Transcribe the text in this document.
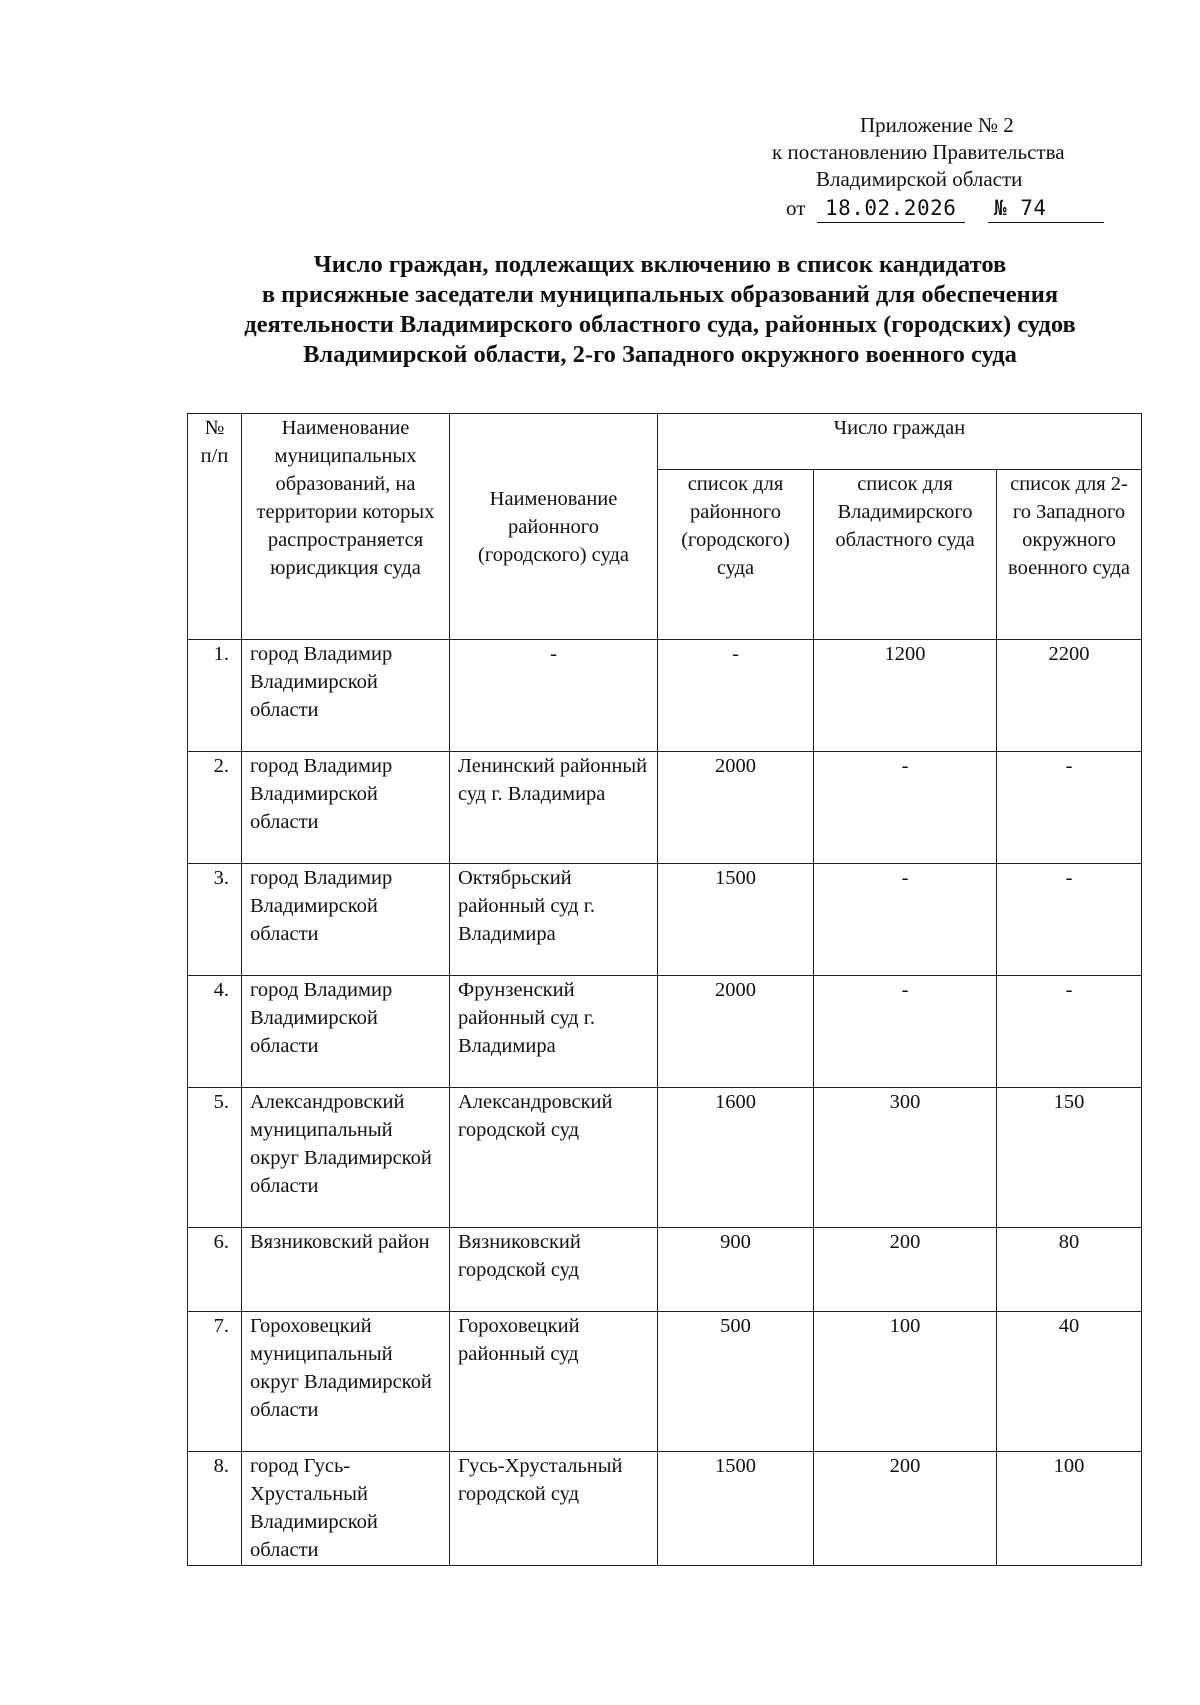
Приложение № 2
к постановлению Правительства
Владимирской области
от 18.02.2026 № 74
Число граждан, подлежащих включению в список кандидатов
в присяжные заседатели муниципальных образований для обеспечения
деятельности Владимирского областного суда, районных (городских) судов
Владимирской области, 2-го Западного окружного военного суда
№ п/п	Наименование муниципальных образований, на территории которых распространяется юрисдикция суда	Наименование районного (городского) суда	Число граждан		
			список для районного (городского) суда	список для Владимирского областного суда	список для 2-го Западного окружного военного суда
1.	город Владимир Владимирской области	-	-	1200	2200
2.	город Владимир Владимирской области	Ленинский районный суд г. Владимира	2000	-	-
3.	город Владимир Владимирской области	Октябрьский районный суд г. Владимира	1500	-	-
4.	город Владимир Владимирской области	Фрунзенский районный суд г. Владимира	2000	-	-
5.	Александровский муниципальный округ Владимирской области	Александровский городской суд	1600	300	150
6.	Вязниковский район	Вязниковский городской суд	900	200	80
7.	Гороховецкий муниципальный округ Владимирской области	Гороховецкий районный суд	500	100	40
8.	город Гусь-Хрустальный Владимирской области	Гусь-Хрустальный городской суд	1500	200	100
